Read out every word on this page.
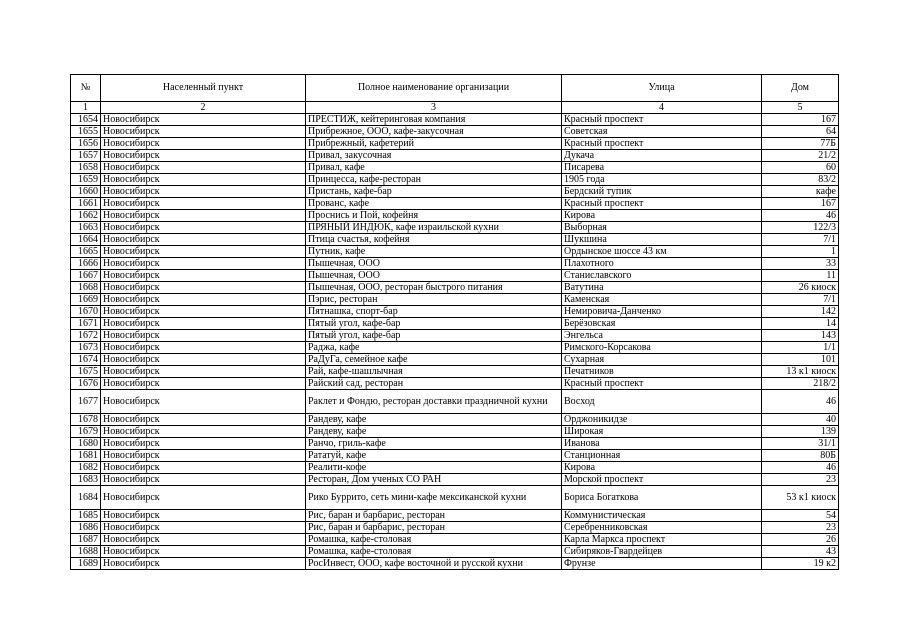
№	Населенный пункт	Полное наименование организации	Улица	Дом
1	2	3	4	5
1654	Новосибирск	ПРЕСТИЖ, кейтеринговая компания	Красный проспект	167
1655	Новосибирск	Прибрежное, ООО, кафе-закусочная	Советская	64
1656	Новосибирск	Прибрежный, кафетерий	Красный проспект	77Б
1657	Новосибирск	Привал, закусочная	Дукача	21/2
1658	Новосибирск	Привал, кафе	Писарева	60
1659	Новосибирск	Принцесса, кафе-ресторан	1905 года	83/2
1660	Новосибирск	Пристань, кафе-бар	Бердский тупик	кафе
1661	Новосибирск	Прованс, кафе	Красный проспект	167
1662	Новосибирск	Проснись и Пой, кофейня	Кирова	46
1663	Новосибирск	ПРЯНЫЙ ИНДЮК, кафе израильской кухни	Выборная	122/3
1664	Новосибирск	Птица счастья, кофейня	Шукшина	7/1
1665	Новосибирск	Путник, кафе	Ордынское шоссе 43 км	1
1666	Новосибирск	Пышечная, ООО	Плахотного	33
1667	Новосибирск	Пышечная, ООО	Станиславского	11
1668	Новосибирск	Пышечная, ООО, ресторан быстрого питания	Ватутина	26 киоск
1669	Новосибирск	Пэрис, ресторан	Каменская	7/1
1670	Новосибирск	Пятнашка, спорт-бар	Немировича-Данченко	142
1671	Новосибирск	Пятый угол, кафе-бар	Берёзовская	14
1672	Новосибирск	Пятый угол, кафе-бар	Энгельса	143
1673	Новосибирск	Раджа, кафе	Римского-Корсакова	1/1
1674	Новосибирск	РаДуГа, семейное кафе	Сухарная	101
1675	Новосибирск	Рай, кафе-шашлычная	Печатников	13 к1 киоск
1676	Новосибирск	Райский сад, ресторан	Красный проспект	218/2
1677	Новосибирск	Раклет и Фондю, ресторан доставки праздничной кухни	Восход	46
1678	Новосибирск	Рандеву, кафе	Орджоникидзе	40
1679	Новосибирск	Рандеву, кафе	Широкая	139
1680	Новосибирск	Ранчо, гриль-кафе	Иванова	31/1
1681	Новосибирск	Рататуй, кафе	Станционная	80Б
1682	Новосибирск	Реалити-кофе	Кирова	46
1683	Новосибирск	Ресторан, Дом ученых СО РАН	Морской проспект	23
1684	Новосибирск	Рико Буррито, сеть мини-кафе мексиканской кухни	Бориса Богаткова	53 к1 киоск
1685	Новосибирск	Рис, баран и барбарис, ресторан	Коммунистическая	54
1686	Новосибирск	Рис, баран и барбарис, ресторан	Серебренниковская	23
1687	Новосибирск	Ромашка, кафе-столовая	Карла Маркса проспект	26
1688	Новосибирск	Ромашка, кафе-столовая	Сибиряков-Гвардейцев	43
1689	Новосибирск	РосИнвест, ООО, кафе восточной и русской кухни	Фрунзе	19 к2
